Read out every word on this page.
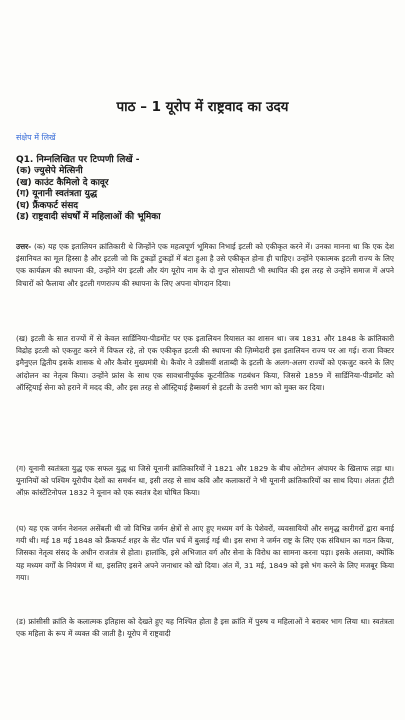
पाठ – 1 यूरोप में राष्ट्रवाद का उदय
संक्षेप में लिखें
Q1. निम्नलिखित पर टिप्पणी लिखें -
(क) ज्युसेपे मेत्सिनी
(ख) काउंट कैमिलो दे कावूर
(ग) यूनानी स्वतंत्रता युद्ध
(घ) फ्रैंकफर्ट संसद
(ड) राष्ट्रवादी संघर्षों में महिलाओं की भूमिका
उत्तर- (क) यह एक इतालियन क्रांतिकारी थे जिन्होंने एक महत्वपूर्ण भूमिका निभाई इटली को एकीकृत करने में। उनका मानना था कि एक देश इंसानियत का मूल हिस्सा है और इटली जो कि टुकड़ों टुकड़ों में बंटा हुआ है उसे एकीकृत होना ही चाहिए। उन्होंने एकात्मक इटली राज्य के लिए एक कार्यक्रम की स्थापना की, उन्होंने यंग इटली और यंग यूरोप नाम के दो गुप्त सोसायटी भी स्थापित की इस तरह से उन्होंने समाज में अपने विचारों को फैलाया और इटली गणराज्य की स्थापना के लिए अपना योगदान दिया।
(ख) इटली के सात राज्यों में से केवल सार्डिनिया-पीडमोंट पर एक इतालियन रियासत का शासन था। जब 1831 और 1848 के क्रांतिकारी विद्रोह इटली को एकजुट करने में विफल रहे, तो एक एकीकृत इटली की स्थापना की ज़िम्मेदारी इस इतालियन राज्य पर आ गई। राजा विक्टर इमैनुएल द्वितीय इसके शासक थे और कैवोर मुख्यमंत्री थे। कैवोर ने उन्नीसवीं शताब्दी के इटली के अलग-अलग राज्यों को एकजुट करने के लिए आंदोलन का नेतृत्व किया। उन्होंने फ्रांस के साथ एक सावधानीपूर्वक कूटनीतिक गठबंधन किया, जिससे 1859 में सार्डिनिया-पीडमोंट को ऑस्ट्रियाई सेना को हराने में मदद की, और इस तरह से ऑस्ट्रियाई हैब्सबर्ग से इटली के उत्तरी भाग को मुक्त कर दिया।
(ग) यूनानी स्वतंत्रता युद्ध एक सफल युद्ध था जिसे यूनानी क्रांतिकारियों ने 1821 और 1829 के बीच ओटोमन अंपायर के खिलाफ लड़ा था। यूनानियों को पश्चिम यूरोपीय देशों का समर्थन था, इसी तरह से साथ कवि और कलाकारों ने भी यूनानी क्रांतिकारियों का साथ दिया। अंततः ट्रीटी ऑफ़ कांस्टेंटिनोपल 1832 ने यूनान को एक स्वतंत्र देश घोषित किया।
(घ) यह एक जर्मन नेशनल असेंबली थी जो विभिन्न जर्मन क्षेत्रों से आए हुए मध्यम वर्ग के पेशेवरों, व्यवसायियों और समृद्ध कारीगरों द्वारा बनाई गयी थी। मई 18 मई 1848 को फ्रैंकफर्ट शहर के सेंट पॉल चर्च में बुलाई गई थी। इस सभा ने जर्मन राष्ट्र के लिए एक संविधान का गठन किया, जिसका नेतृत्व संसद के अधीन राजतंत्र से होता। हालांकि, इसे अभिजात वर्ग और सेना के विरोध का सामना करना पड़ा। इसके अलावा, क्योंकि यह मध्यम वर्गों के नियंत्रण में था, इसलिए इसने अपने जनाधार को खो दिया। अंत में, 31 मई, 1849 को इसे भंग करने के लिए मजबूर किया गया।
(ड) फ्रांसीसी क्रांति के कलात्मक इतिहास को देखते हुए यह निश्चित होता है इस क्रांति में पुरुष व महिलाओं ने बराबर भाग लिया था। स्वतंत्रता एक महिला के रूप में व्यक्त की जाती है। यूरोप में राष्ट्रवादी
